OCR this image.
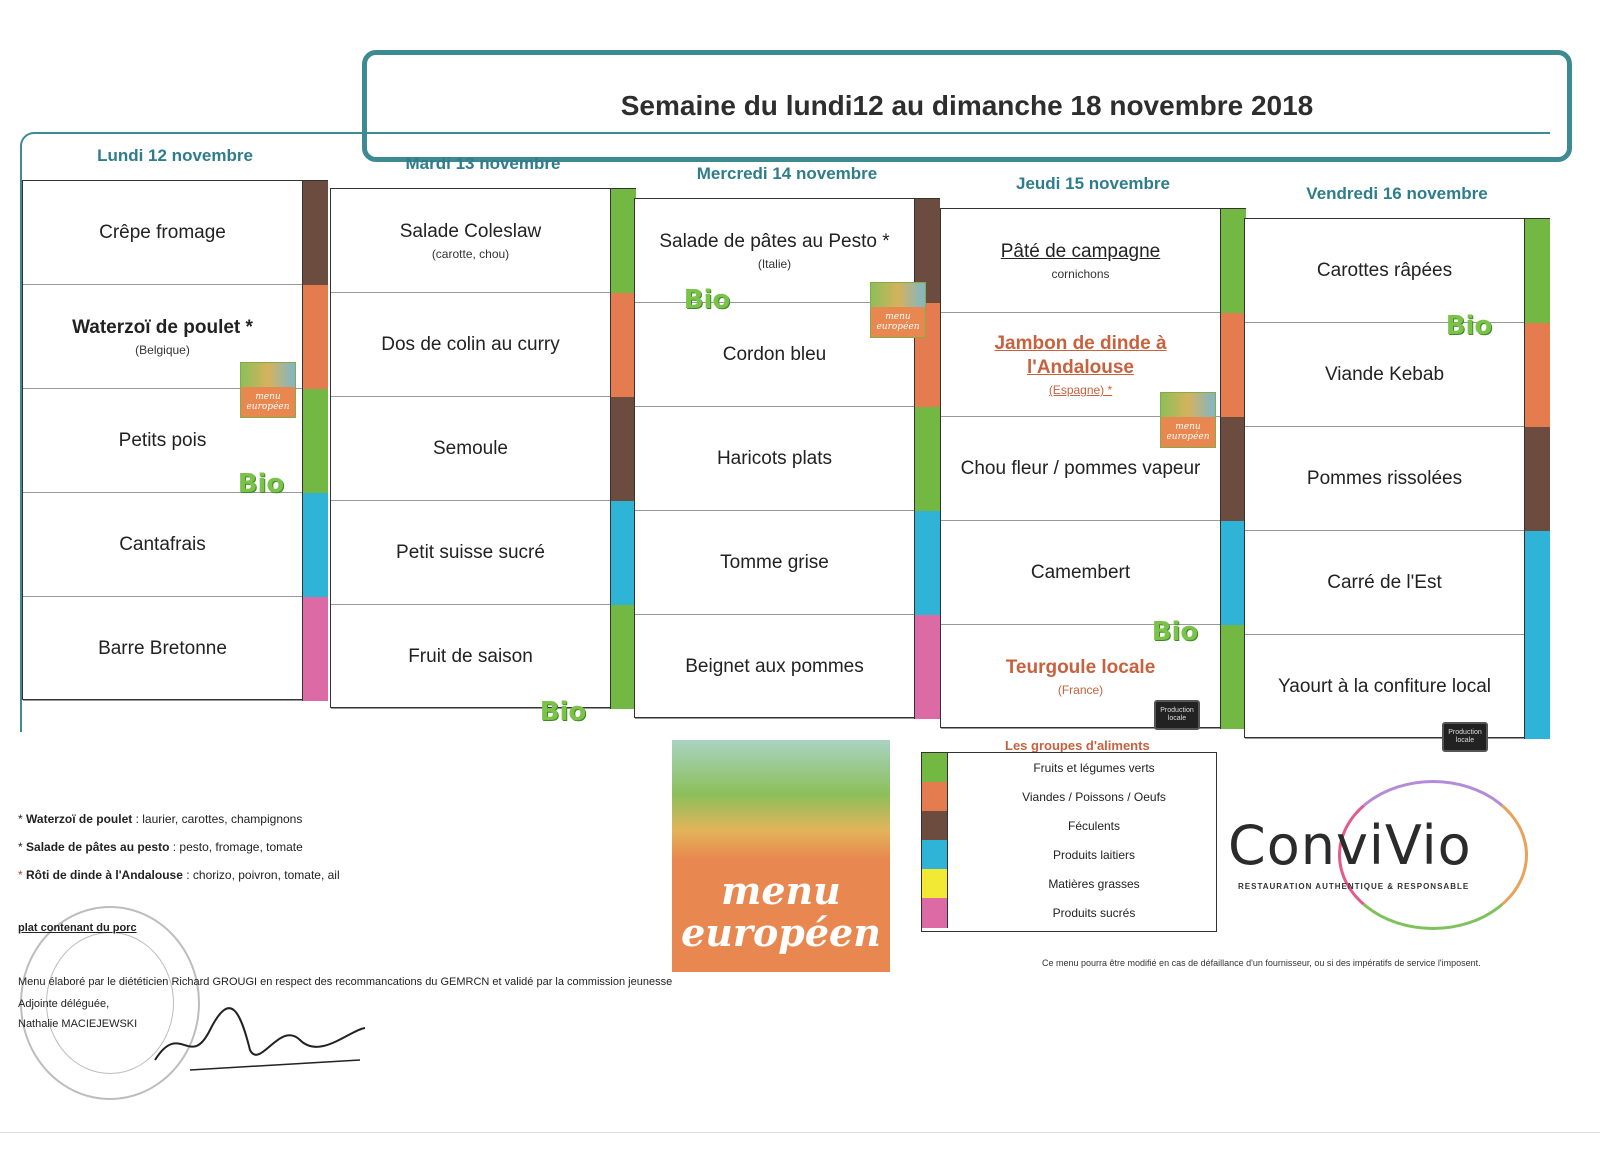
Semaine du lundi12 au dimanche 18 novembre 2018
Lundi 12 novembre
Crêpe fromage
Waterzoï de poulet *
(Belgique)
Petits pois
Cantafrais
Barre Bretonne
Mardi 13 novembre
Salade Coleslaw
(carotte, chou)
Dos de colin au curry
Semoule
Petit suisse sucré
Fruit de saison
Mercredi 14 novembre
Salade de pâtes au Pesto *
(Italie)
Cordon bleu
Haricots plats
Tomme grise
Beignet aux pommes
Jeudi 15 novembre
Pâté de campagne
cornichons
Jambon de dinde à l'Andalouse
(Espagne) *
Chou fleur / pommes vapeur
Camembert
Teurgoule locale
(France)
Vendredi 16 novembre
Carottes râpées
Viande Kebab
Pommes rissolées
Carré de l'Est
Yaourt à la confiture local
menu européen
Bio
Bio
Bio
menu européen
menu européen
Bio
Production locale
Bio
Production locale
menu
européen
Les groupes d'aliments
Fruits et légumes verts
Viandes / Poissons / Oeufs
Féculents
Produits laitiers
Matières grasses
Produits sucrés
* Waterzoï de poulet : laurier, carottes, champignons
* Salade de pâtes au pesto : pesto, fromage, tomate
* Rôti de dinde à l'Andalouse : chorizo, poivron, tomate, ail
plat contenant du porc
Menu élaboré par le diététicien Richard GROUGI en respect des recommancations du GEMRCN et validé par la commission jeunesse
Adjointe déléguée,
Nathalie MACIEJEWSKI
Ce menu pourra être modifié en cas de défaillance d'un fournisseur, ou si des impératifs de service l'imposent.
ConviVio
RESTAURATION AUTHENTIQUE & RESPONSABLE
